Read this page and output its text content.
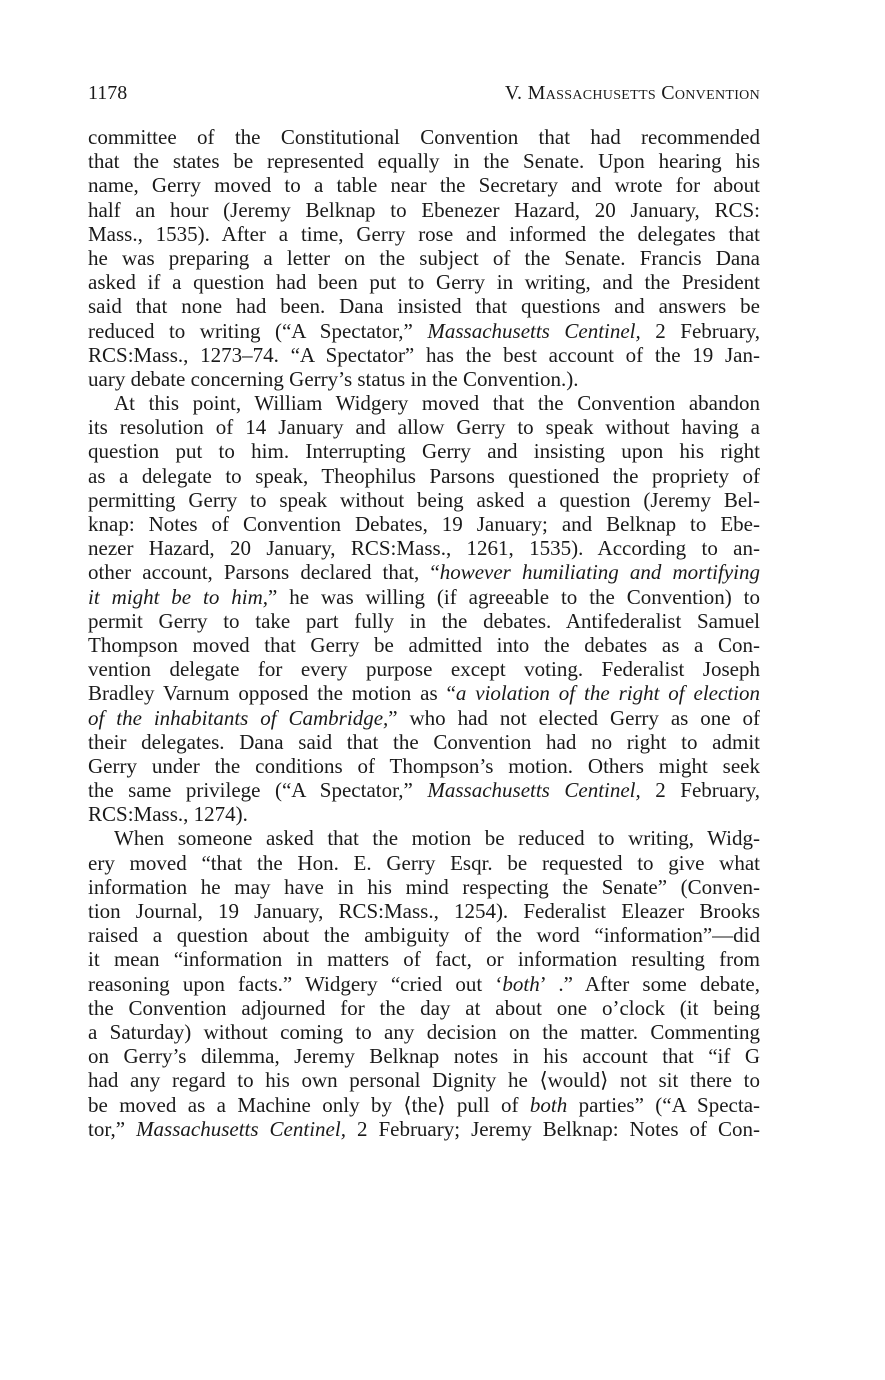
1178	V. Massachusetts Convention
committee of the Constitutional Convention that had recommended
that the states be represented equally in the Senate. Upon hearing his
name, Gerry moved to a table near the Secretary and wrote for about
half an hour (Jeremy Belknap to Ebenezer Hazard, 20 January, RCS:
Mass., 1535). After a time, Gerry rose and informed the delegates that
he was preparing a letter on the subject of the Senate. Francis Dana
asked if a question had been put to Gerry in writing, and the President
said that none had been. Dana insisted that questions and answers be
reduced to writing (“A Spectator,” Massachusetts Centinel, 2 February,
RCS:Mass., 1273–74. “A Spectator” has the best account of the 19 Jan-
uary debate concerning Gerry’s status in the Convention.).
At this point, William Widgery moved that the Convention abandon
its resolution of 14 January and allow Gerry to speak without having a
question put to him. Interrupting Gerry and insisting upon his right
as a delegate to speak, Theophilus Parsons questioned the propriety of
permitting Gerry to speak without being asked a question (Jeremy Bel-
knap: Notes of Convention Debates, 19 January; and Belknap to Ebe-
nezer Hazard, 20 January, RCS:Mass., 1261, 1535). According to an-
other account, Parsons declared that, “however humiliating and mortifying
it might be to him,” he was willing (if agreeable to the Convention) to
permit Gerry to take part fully in the debates. Antifederalist Samuel
Thompson moved that Gerry be admitted into the debates as a Con-
vention delegate for every purpose except voting. Federalist Joseph
Bradley Varnum opposed the motion as “a violation of the right of election
of the inhabitants of Cambridge,” who had not elected Gerry as one of
their delegates. Dana said that the Convention had no right to admit
Gerry under the conditions of Thompson’s motion. Others might seek
the same privilege (“A Spectator,” Massachusetts Centinel, 2 February,
RCS:Mass., 1274).
When someone asked that the motion be reduced to writing, Widg-
ery moved “that the Hon. E. Gerry Esqr. be requested to give what
information he may have in his mind respecting the Senate” (Conven-
tion Journal, 19 January, RCS:Mass., 1254). Federalist Eleazer Brooks
raised a question about the ambiguity of the word “information”—did
it mean “information in matters of fact, or information resulting from
reasoning upon facts.” Widgery “cried out ‘both’ .” After some debate,
the Convention adjourned for the day at about one o’clock (it being
a Saturday) without coming to any decision on the matter. Commenting
on Gerry’s dilemma, Jeremy Belknap notes in his account that “if G
had any regard to his own personal Dignity he ⟨would⟩ not sit there to
be moved as a Machine only by ⟨the⟩ pull of both parties” (“A Specta-
tor,” Massachusetts Centinel, 2 February; Jeremy Belknap: Notes of Con-
